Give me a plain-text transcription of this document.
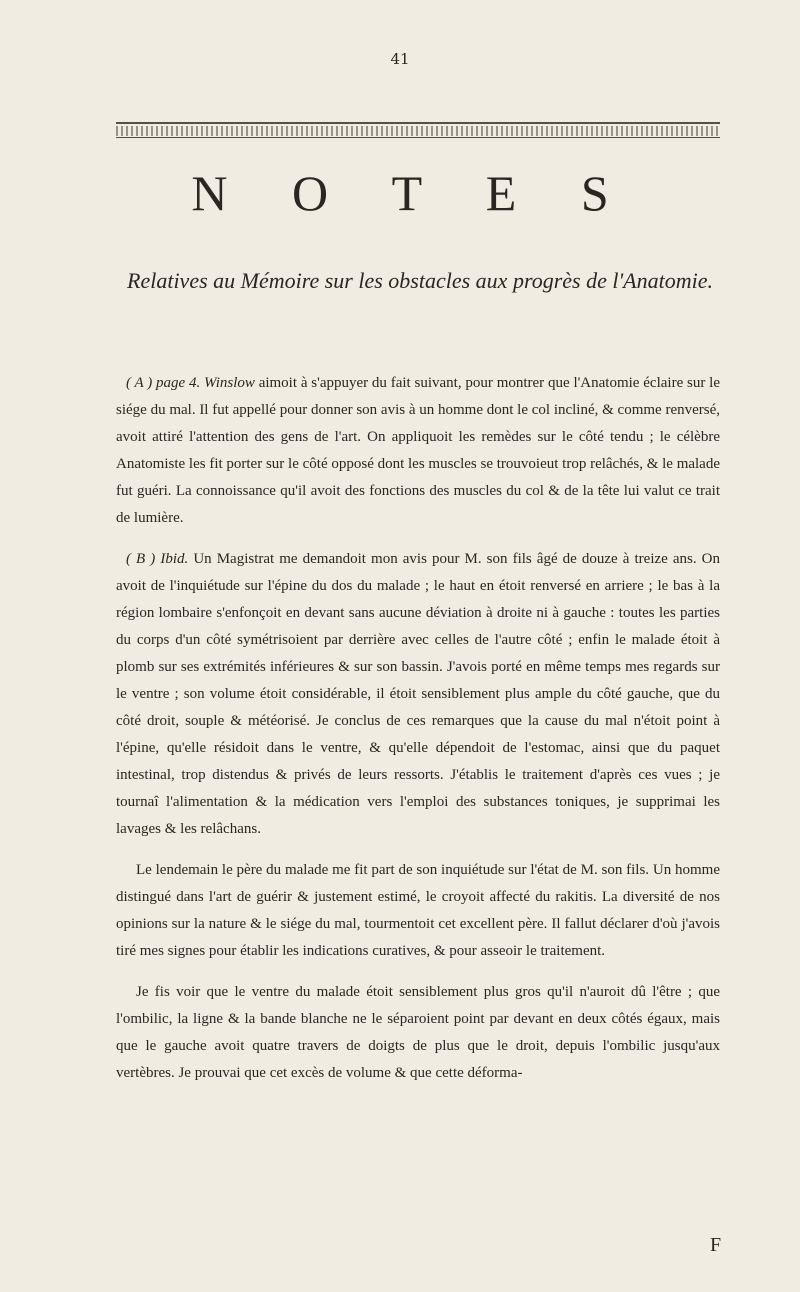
41
N O T E S
Relatives au Mémoire sur les obstacles aux progrès de l'Anatomie.

( A ) page 4. Winslow aimoit à s'appuyer du fait suivant, pour montrer que l'Anatomie éclaire sur le siége du mal. Il fut appellé pour donner son avis à un homme dont le col incliné, & comme renversé, avoit attiré l'attention des gens de l'art. On appliquoit les remèdes sur le côté tendu ; le célèbre Anatomiste les fit porter sur le côté opposé dont les muscles se trouvoieut trop relâchés, & le malade fut guéri. La connoissance qu'il avoit des fonctions des muscles du col & de la tête lui valut ce trait de lumière.

( B ) Ibid. Un Magistrat me demandoit mon avis pour M. son fils âgé de douze à treize ans. On avoit de l'inquiétude sur l'épine du dos du malade ; le haut en étoit renversé en arriere ; le bas à la région lombaire s'enfonçoit en devant sans aucune déviation à droite ni à gauche : toutes les parties du corps d'un côté symétrisoient par derrière avec celles de l'autre côté ; enfin le malade étoit à plomb sur ses extrémités inférieures & sur son bassin. J'avois porté en même temps mes regards sur le ventre ; son volume étoit considérable, il étoit sensiblement plus ample du côté gauche, que du côté droit, souple & météorisé. Je conclus de ces remarques que la cause du mal n'étoit point à l'épine, qu'elle résidoit dans le ventre, & qu'elle dépendoit de l'estomac, ainsi que du paquet intestinal, trop distendus & privés de leurs ressorts. J'établis le traitement d'après ces vues ; je tournaî l'alimentation & la médication vers l'emploi des substances toniques, je supprimai les lavages & les relâchans.

Le lendemain le père du malade me fit part de son inquiétude sur l'état de M. son fils. Un homme distingué dans l'art de guérir & justement estimé, le croyoit affecté du rakitis. La diversité de nos opinions sur la nature & le siége du mal, tourmentoit cet excellent père. Il fallut déclarer d'où j'avois tiré mes signes pour établir les indications curatives, & pour asseoir le traitement.

Je fis voir que le ventre du malade étoit sensiblement plus gros qu'il n'auroit dû l'être ; que l'ombilic, la ligne & la bande blanche ne le séparoient point par devant en deux côtés égaux, mais que le gauche avoit quatre travers de doigts de plus que le droit, depuis l'ombilic jusqu'aux vertèbres. Je prouvai que cet excès de volume & que cette déforma-

F
